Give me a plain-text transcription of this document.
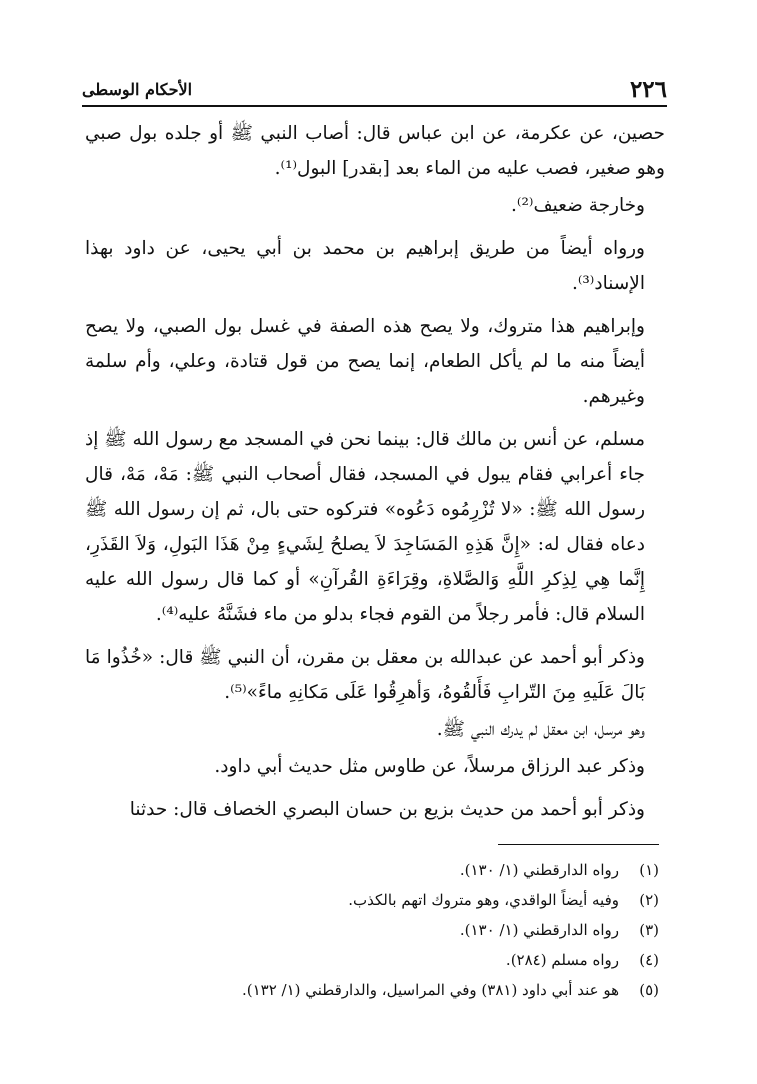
٢٢٦
الأحكام الوسطى

حصين، عن عكرمة، عن ابن عباس قال: أصاب النبي ﷺ أو جلده بول صبي وهو صغير، فصب عليه من الماء بعد [بقدر] البول⁽¹⁾.

وخارجة ضعيف⁽²⁾.

ورواه أيضاً من طريق إبراهيم بن محمد بن أبي يحيى، عن داود بهذا الإسناد⁽³⁾.

وإبراهيم هذا متروك، ولا يصح هذه الصفة في غسل بول الصبي، ولا يصح أيضاً منه ما لم يأكل الطعام، إنما يصح من قول قتادة، وعلي، وأم سلمة وغيرهم.

مسلم، عن أنس بن مالك قال: بينما نحن في المسجد مع رسول الله ﷺ إذ جاء أعرابي فقام يبول في المسجد، فقال أصحاب النبي ﷺ: مَهْ، مَهْ، قال رسول الله ﷺ: «لا تُزْرِمُوه دَعُوه» فتركوه حتى بال، ثم إن رسول الله ﷺ دعاه فقال له: «إِنَّ هَذِهِ المَسَاجِدَ لاَ يصلحُ لِشَيءٍ مِنْ هَذَا البَولِ، وَلاَ القَذَرِ، إِنَّما هِي لِذِكرِ اللَّهِ وَالصَّلاةِ، وقِرَاءَةِ القُرآنِ» أو كما قال رسول الله عليه السلام قال: فأمر رجلاً من القوم فجاء بدلو من ماء فشَنَّهُ عليه⁽⁴⁾.

وذكر أبو أحمد عن عبدالله بن معقل بن مقرن، أن النبي ﷺ قال: «خُذُوا مَا بَالَ عَلَيهِ مِنَ التّرابِ فَأَلقُوهُ، وَأهرِقُوا عَلَى مَكانِهِ ماءً»⁽⁵⁾.

وهو مرسل، ابن معقل لم يدرك النبي ﷺ.

وذكر عبد الرزاق مرسلاً، عن طاوس مثل حديث أبي داود.

وذكر أبو أحمد من حديث بزيع بن حسان البصري الخصاف قال: حدثنا

(١)
رواه الدارقطني (١/ ١٣٠).
(٢)
وفيه أيضاً الواقدي، وهو متروك اتهم بالكذب.
(٣)
رواه الدارقطني (١/ ١٣٠).
(٤)
رواه مسلم (٢٨٤).
(٥)
هو عند أبي داود (٣٨١) وفي المراسيل، والدارقطني (١/ ١٣٢).
